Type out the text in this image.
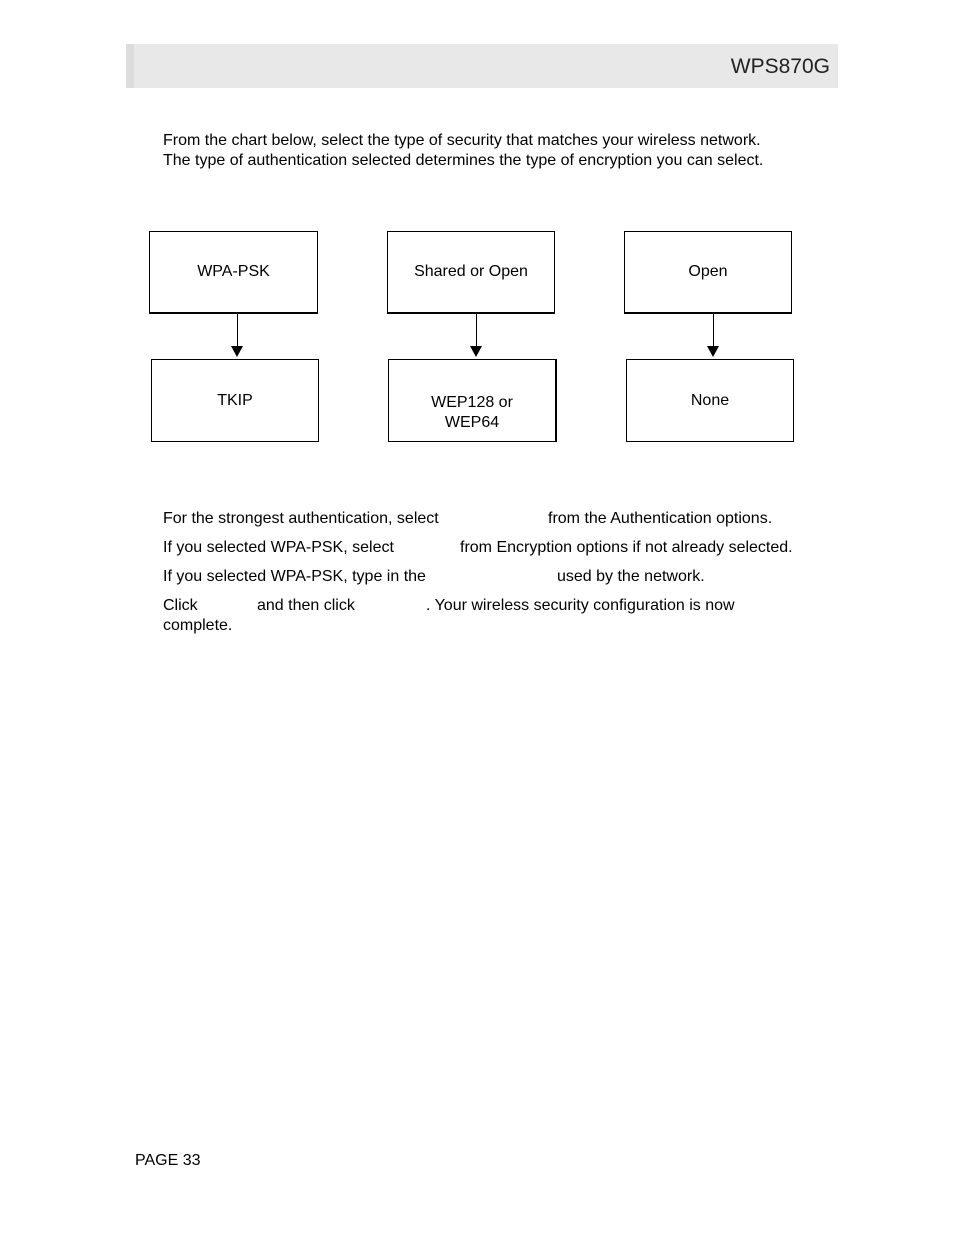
WPS870G

From the chart below, select the type of security that matches your wireless network.

The type of authentication selected determines the type of encryption you can select.

WPA-PSK	Shared or Open	Open
TKIP	WEP128 or
WEP64
None
For the strongest authentication, select	from the Authentication options.
If you selected WPA-PSK, select	from Encryption options if not already selected.
If you selected WPA-PSK, type in the	used by the network.
Click	and then click	. Your wireless security configuration is now
complete.
PAGE 33
